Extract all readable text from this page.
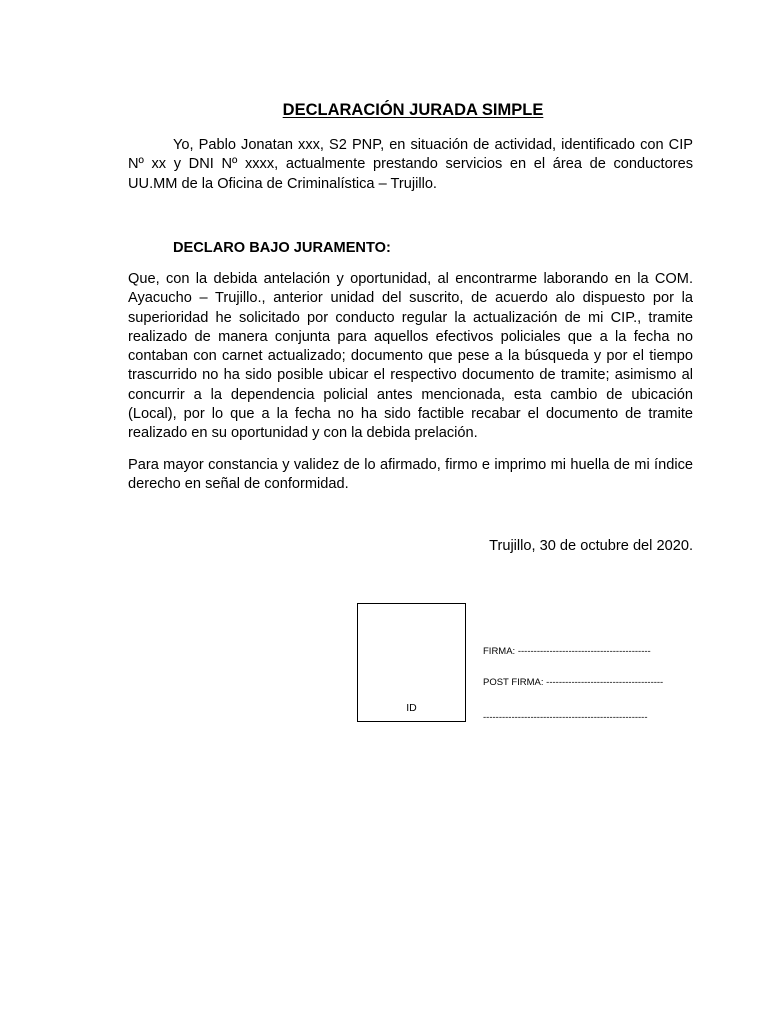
DECLARACIÓN JURADA SIMPLE

Yo, Pablo Jonatan xxx, S2 PNP, en situación de actividad, identificado con CIP Nº xx y DNI Nº xxxx, actualmente prestando servicios en el área de conductores UU.MM de la Oficina de Criminalística – Trujillo.

DECLARO BAJO JURAMENTO:

Que, con la debida antelación y oportunidad, al encontrarme laborando en la COM. Ayacucho – Trujillo., anterior unidad del suscrito, de acuerdo alo dispuesto por la superioridad he solicitado por conducto regular la actualización de mi CIP., tramite realizado de manera conjunta para aquellos efectivos policiales que a la fecha no contaban con carnet actualizado; documento que pese a la búsqueda y por el tiempo trascurrido no ha sido posible ubicar el respectivo documento de tramite; asimismo al concurrir a la dependencia policial antes mencionada, esta cambio de ubicación (Local), por lo que a la fecha no ha sido factible recabar el documento de tramite realizado en su oportunidad y con la debida prelación.

Para mayor constancia y validez de lo afirmado, firmo e imprimo mi huella de mi índice derecho en señal de conformidad.

Trujillo, 30 de octubre del 2020.

ID

FIRMA: ------------------------------------------

POST FIRMA: -------------------------------------

----------------------------------------------------
